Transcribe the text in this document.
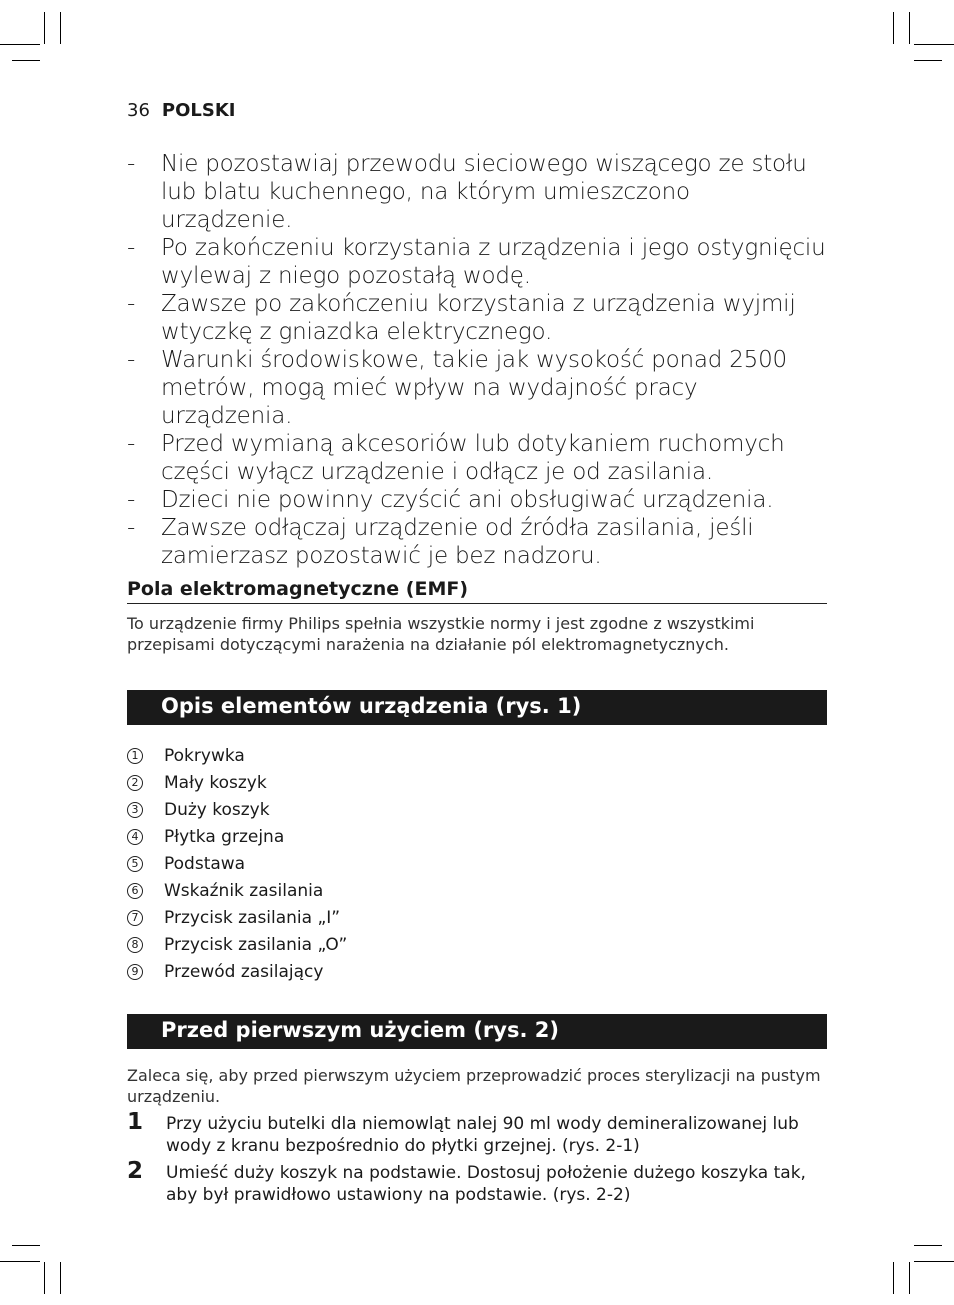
36 POLSKI
- Nie pozostawiaj przewodu sieciowego wiszącego ze stołu lub blatu kuchennego, na którym umieszczono urządzenie.
- Po zakończeniu korzystania z urządzenia i jego ostygnięciu wylewaj z niego pozostałą wodę.
- Zawsze po zakończeniu korzystania z urządzenia wyjmij wtyczkę z gniazdka elektrycznego.
- Warunki środowiskowe, takie jak wysokość ponad 2500 metrów, mogą mieć wpływ na wydajność pracy urządzenia.
- Przed wymianą akcesoriów lub dotykaniem ruchomych części wyłącz urządzenie i odłącz je od zasilania.
- Dzieci nie powinny czyścić ani obsługiwać urządzenia.
- Zawsze odłączaj urządzenie od źródła zasilania, jeśli zamierzasz pozostawić je bez nadzoru.
Pola elektromagnetyczne (EMF)
To urządzenie firmy Philips spełnia wszystkie normy i jest zgodne z wszystkimi przepisami dotyczącymi narażenia na działanie pól elektromagnetycznych.
Opis elementów urządzenia (rys. 1)
1 Pokrywka
2 Mały koszyk
3 Duży koszyk
4 Płytka grzejna
5 Podstawa
6 Wskaźnik zasilania
7 Przycisk zasilania „I”
8 Przycisk zasilania „O”
9 Przewód zasilający
Przed pierwszym użyciem (rys. 2)
Zaleca się, aby przed pierwszym użyciem przeprowadzić proces sterylizacji na pustym urządzeniu.
1 Przy użyciu butelki dla niemowląt nalej 90 ml wody demineralizowanej lub wody z kranu bezpośrednio do płytki grzejnej. (rys. 2-1)
2 Umieść duży koszyk na podstawie. Dostosuj położenie dużego koszyka tak, aby był prawidłowo ustawiony na podstawie. (rys. 2-2)
